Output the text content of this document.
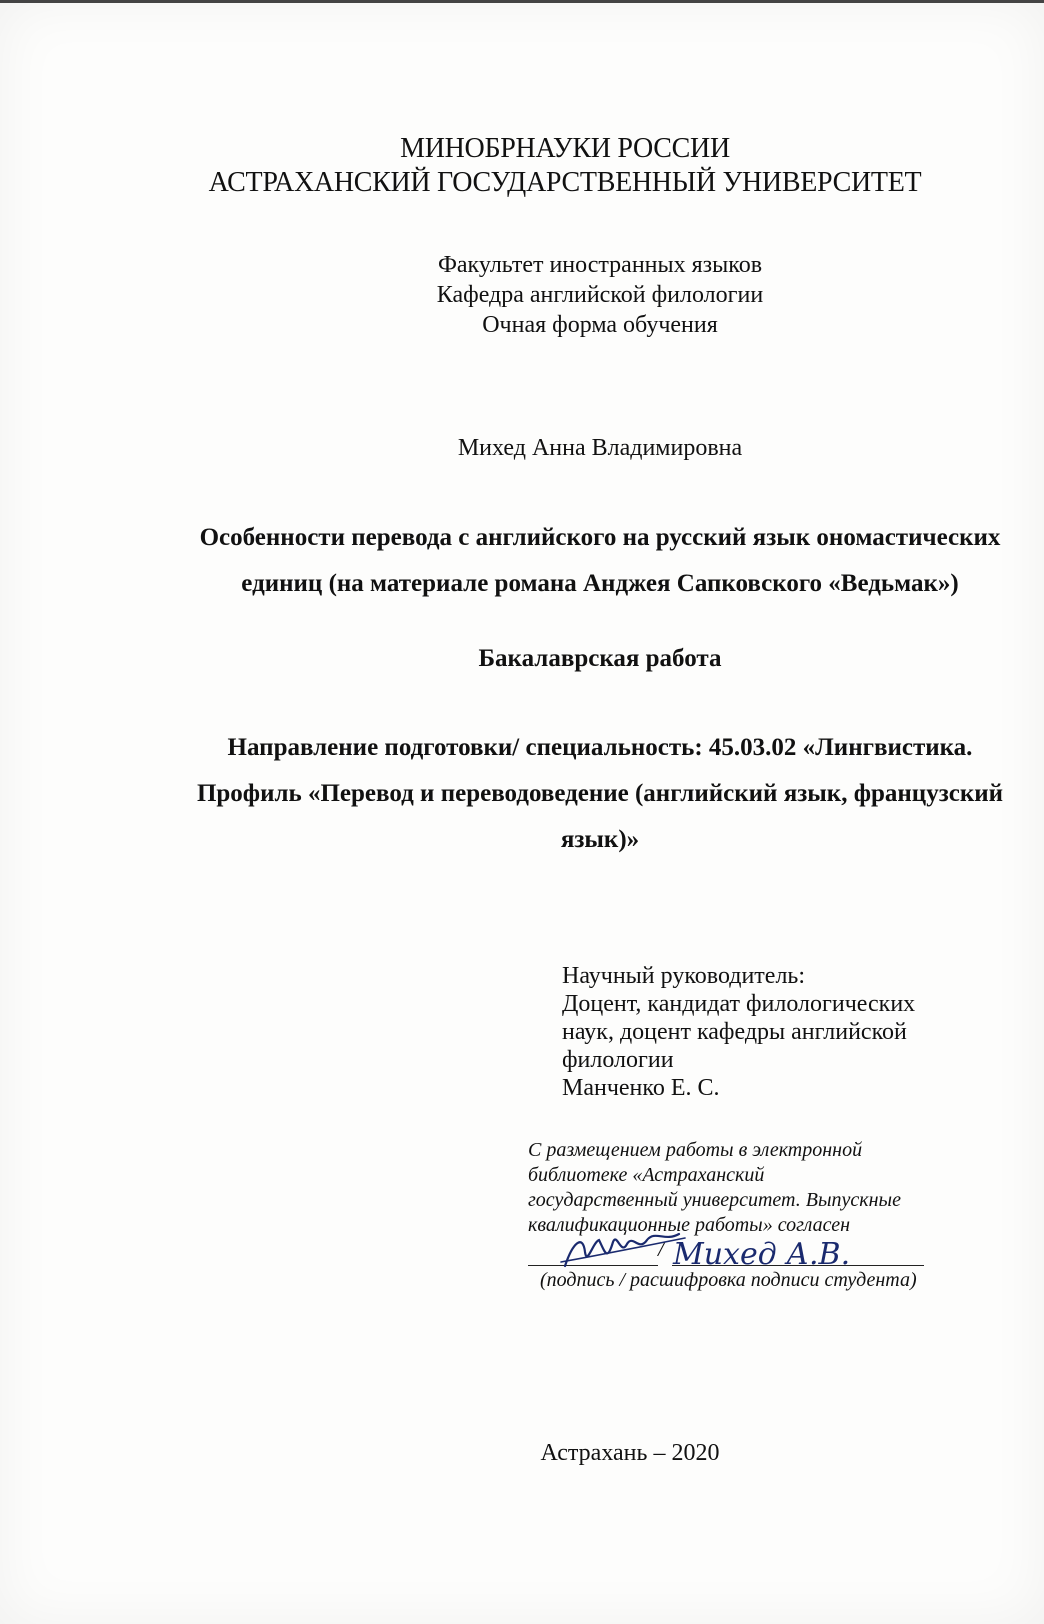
МИНОБРНАУКИ РОССИИ
АСТРАХАНСКИЙ ГОСУДАРСТВЕННЫЙ УНИВЕРСИТЕТ
Факультет иностранных языков
Кафедра английской филологии
Очная форма обучения
Михед Анна Владимировна
Особенности перевода с английского на русский язык ономастических
единиц (на материале романа Анджея Сапковского «Ведьмак»)
Бакалаврская работа
Направление подготовки/ специальность: 45.03.02 «Лингвистика.
Профиль «Перевод и переводоведение (английский язык, французский
язык)»
Научный руководитель:
Доцент, кандидат филологических
наук, доцент кафедры английской
филологии
Манченко Е. С.
С размещением работы в электронной
библиотеке «Астраханский
государственный университет. Выпускные
квалификационные работы» согласен
/ Михед А.В.
(подпись / расшифровка подписи студента)
Астрахань – 2020
